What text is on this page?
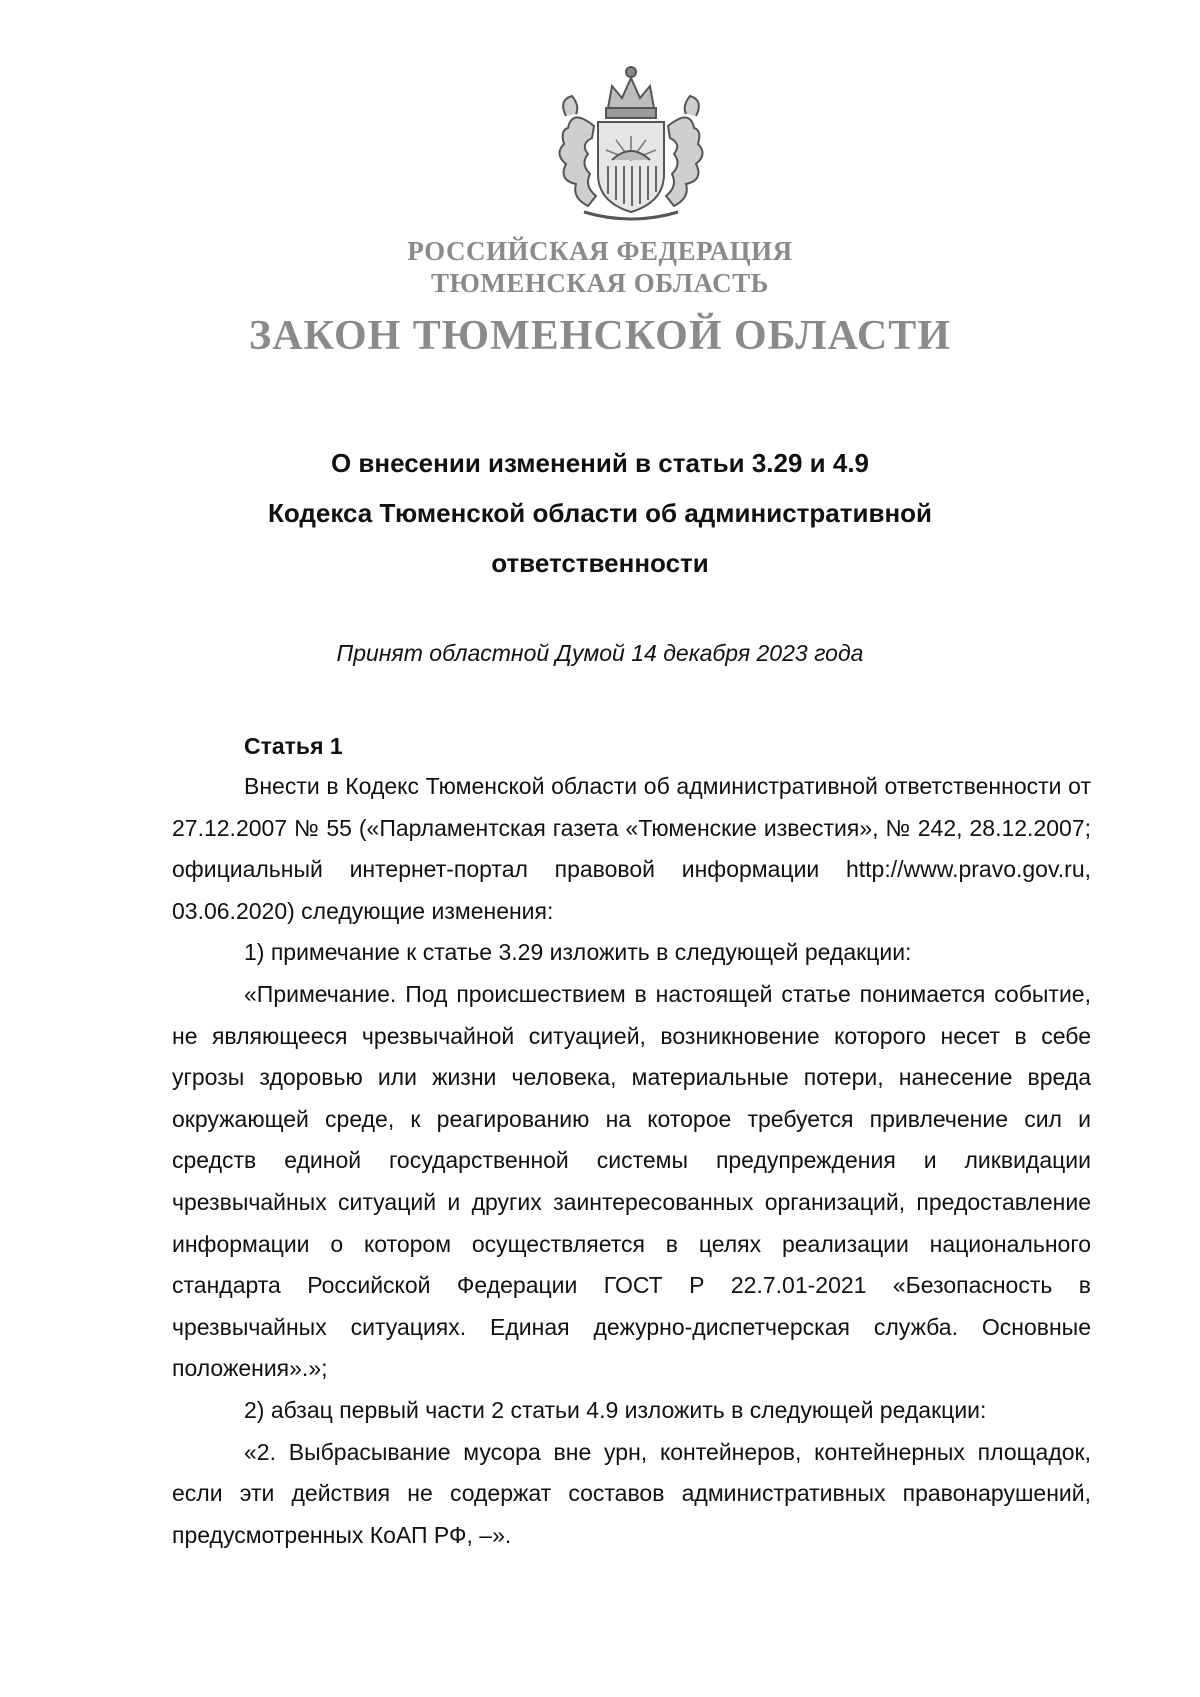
РОССИЙСКАЯ ФЕДЕРАЦИЯ

ТЮМЕНСКАЯ ОБЛАСТЬ

ЗАКОН ТЮМЕНСКОЙ ОБЛАСТИ

О внесении изменений в статьи 3.29 и 4.9
Кодекса Тюменской области об административной
ответственности

Принят областной Думой 14 декабря 2023 года

Статья 1

Внести в Кодекс Тюменской области об административной ответственности от 27.12.2007 № 55 («Парламентская газета «Тюменские известия», № 242, 28.12.2007; официальный интернет-портал правовой информации http://www.pravo.gov.ru, 03.06.2020) следующие изменения:

1) примечание к статье 3.29 изложить в следующей редакции:

«Примечание. Под происшествием в настоящей статье понимается событие, не являющееся чрезвычайной ситуацией, возникновение которого несет в себе угрозы здоровью или жизни человека, материальные потери, нанесение вреда окружающей среде, к реагированию на которое требуется привлечение сил и средств единой государственной системы предупреждения и ликвидации чрезвычайных ситуаций и других заинтересованных организаций, предоставление информации о котором осуществляется в целях реализации национального стандарта Российской Федерации ГОСТ Р 22.7.01-2021 «Безопасность в чрезвычайных ситуациях. Единая дежурно-диспетчерская служба. Основные положения».»;

2) абзац первый части 2 статьи 4.9 изложить в следующей редакции:

«2. Выбрасывание мусора вне урн, контейнеров, контейнерных площадок, если эти действия не содержат составов административных правонарушений, предусмотренных КоАП РФ, –».
